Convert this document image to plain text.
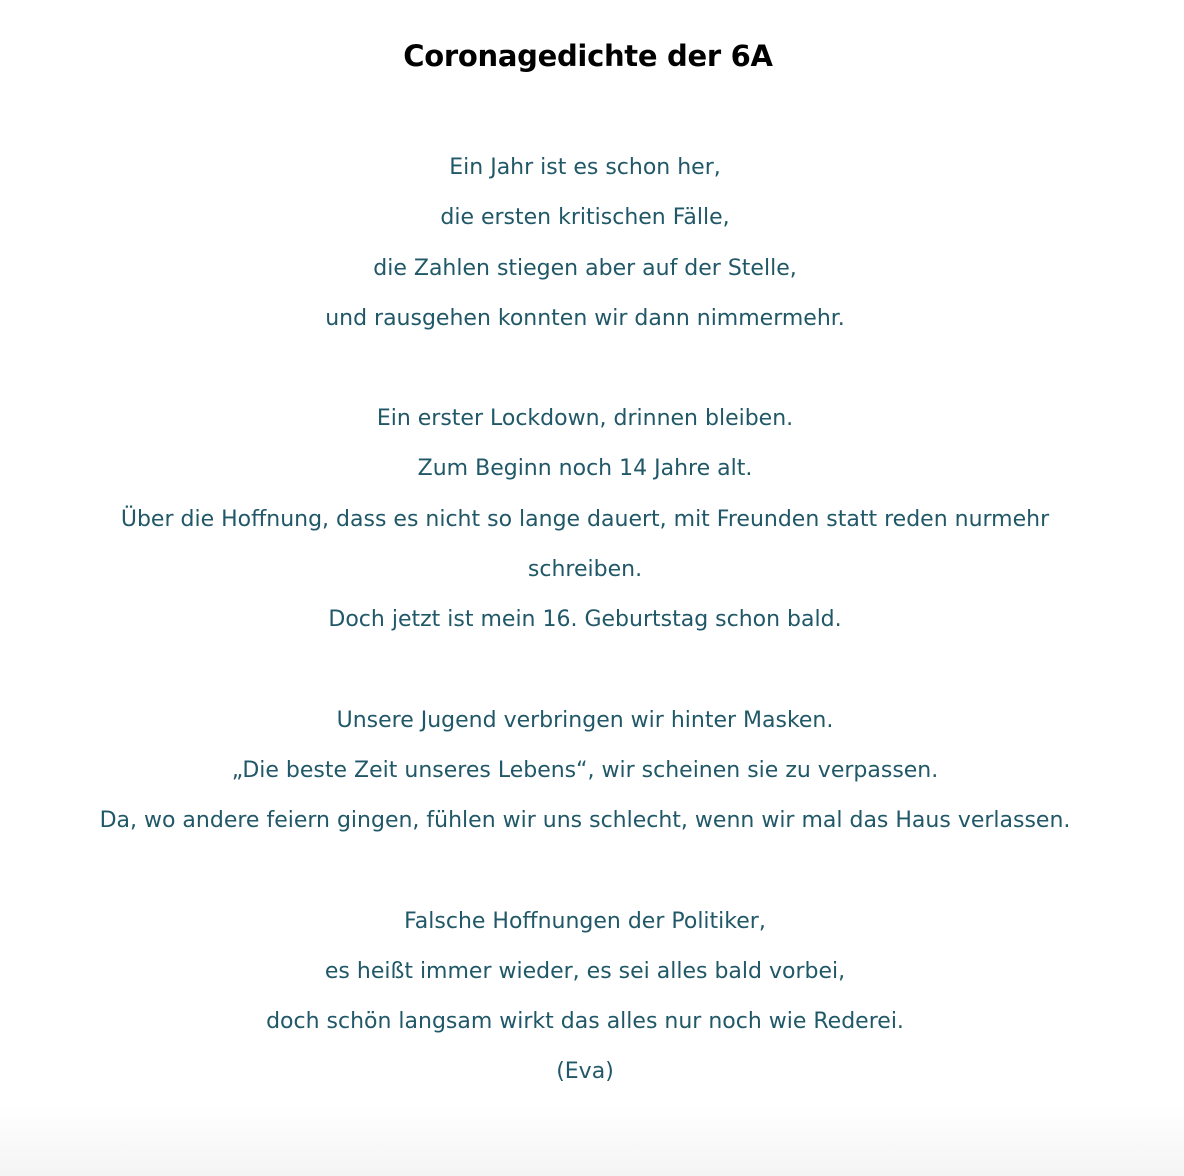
Coronagedichte der 6A
Ein Jahr ist es schon her,
die ersten kritischen Fälle,
die Zahlen stiegen aber auf der Stelle,
und rausgehen konnten wir dann nimmermehr.
Ein erster Lockdown, drinnen bleiben.
Zum Beginn noch 14 Jahre alt.
Über die Hoffnung, dass es nicht so lange dauert, mit Freunden statt reden nurmehr
schreiben.
Doch jetzt ist mein 16. Geburtstag schon bald.
Unsere Jugend verbringen wir hinter Masken.
„Die beste Zeit unseres Lebens“, wir scheinen sie zu verpassen.
Da, wo andere feiern gingen, fühlen wir uns schlecht, wenn wir mal das Haus verlassen.
Falsche Hoffnungen der Politiker,
es heißt immer wieder, es sei alles bald vorbei,
doch schön langsam wirkt das alles nur noch wie Rederei.
(Eva)
